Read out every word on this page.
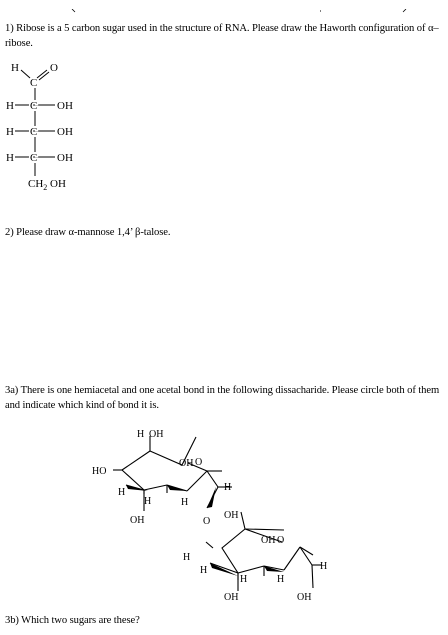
1) Ribose is a 5 carbon sugar used in the structure of RNA. Please draw the Haworth configuration of α–ribose.
H
C
O
H C OH
H C OH
H C OH
$CH_2$ OH
2) Please draw α-mannose 1,4’ β-talose.
3a) There is one hemiacetal and one acetal bond in the following dissacharide. Please circle both of them and indicate which kind of bond it is.
H OH
HO
OH O
H
H	H
H
OH	O
OH
OH O
H
H
H	H
H
OH	OH
3b) Which two sugars are these?
